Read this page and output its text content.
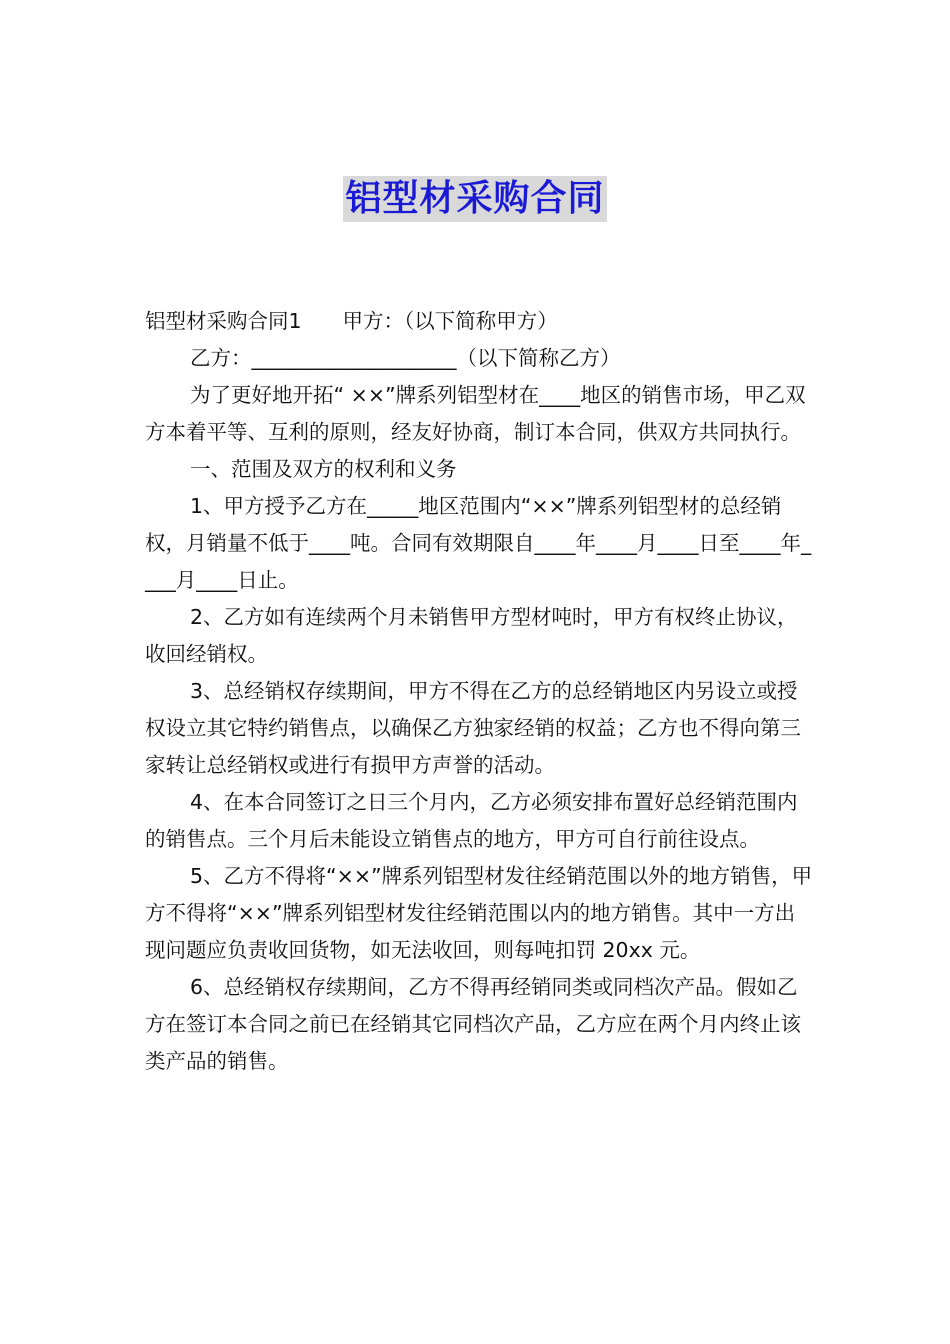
铝型材采购合同

铝型材采购合同1　　甲方：（以下简称甲方）

乙方：____________________（以下简称乙方）

为了更好地开拓“ ××”牌系列铝型材在____地区的销售市场，甲乙双方本着平等、互利的原则，经友好协商，制订本合同，供双方共同执行。

一、范围及双方的权利和义务

1、甲方授予乙方在_____地区范围内“××”牌系列铝型材的总经销权，月销量不低于____吨。合同有效期限自____年____月____日至____年____月____日止。

2、乙方如有连续两个月未销售甲方型材吨时，甲方有权终止协议，收回经销权。

3、总经销权存续期间，甲方不得在乙方的总经销地区内另设立或授权设立其它特约销售点，以确保乙方独家经销的权益；乙方也不得向第三家转让总经销权或进行有损甲方声誉的活动。

4、在本合同签订之日三个月内，乙方必须安排布置好总经销范围内的销售点。三个月后未能设立销售点的地方，甲方可自行前往设点。

5、乙方不得将“××”牌系列铝型材发往经销范围以外的地方销售，甲方不得将“××”牌系列铝型材发往经销范围以内的地方销售。其中一方出现问题应负责收回货物，如无法收回，则每吨扣罚 20xx 元。

6、总经销权存续期间，乙方不得再经销同类或同档次产品。假如乙方在签订本合同之前已在经销其它同档次产品，乙方应在两个月内终止该类产品的销售。
